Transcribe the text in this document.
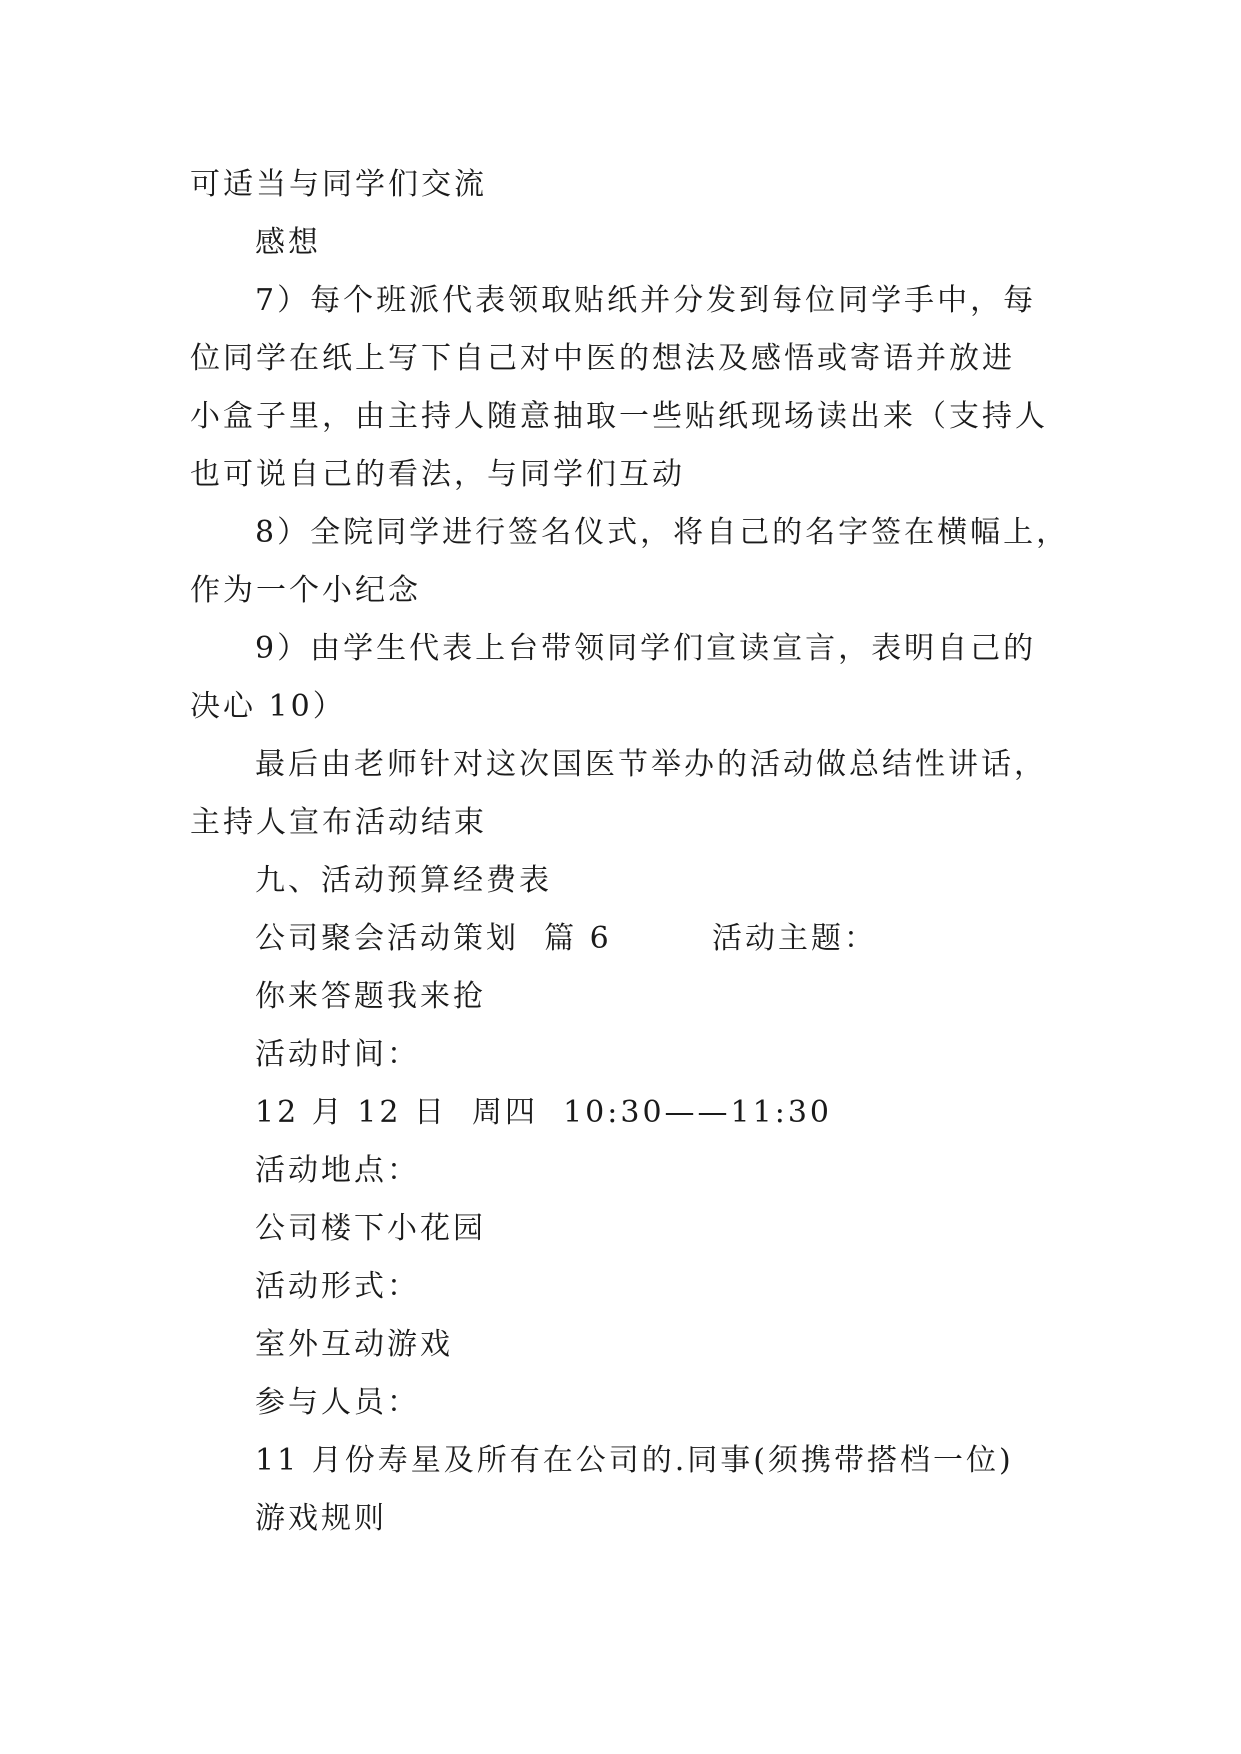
可适当与同学们交流
感想
7）每个班派代表领取贴纸并分发到每位同学手中，每
位同学在纸上写下自己对中医的想法及感悟或寄语并放进
小盒子里，由主持人随意抽取一些贴纸现场读出来（支持人
也可说自己的看法，与同学们互动
8）全院同学进行签名仪式，将自己的名字签在横幅上，
作为一个小纪念
9）由学生代表上台带领同学们宣读宣言，表明自己的
决心 10）
最后由老师针对这次国医节举办的活动做总结性讲话，
主持人宣布活动结束
九、活动预算经费表
公司聚会活动策划  篇 6        活动主题：
你来答题我来抢
活动时间：
12 月 12 日  周四  10:30——11:30
活动地点：
公司楼下小花园
活动形式：
室外互动游戏
参与人员：
11 月份寿星及所有在公司的.同事(须携带搭档一位)
游戏规则
